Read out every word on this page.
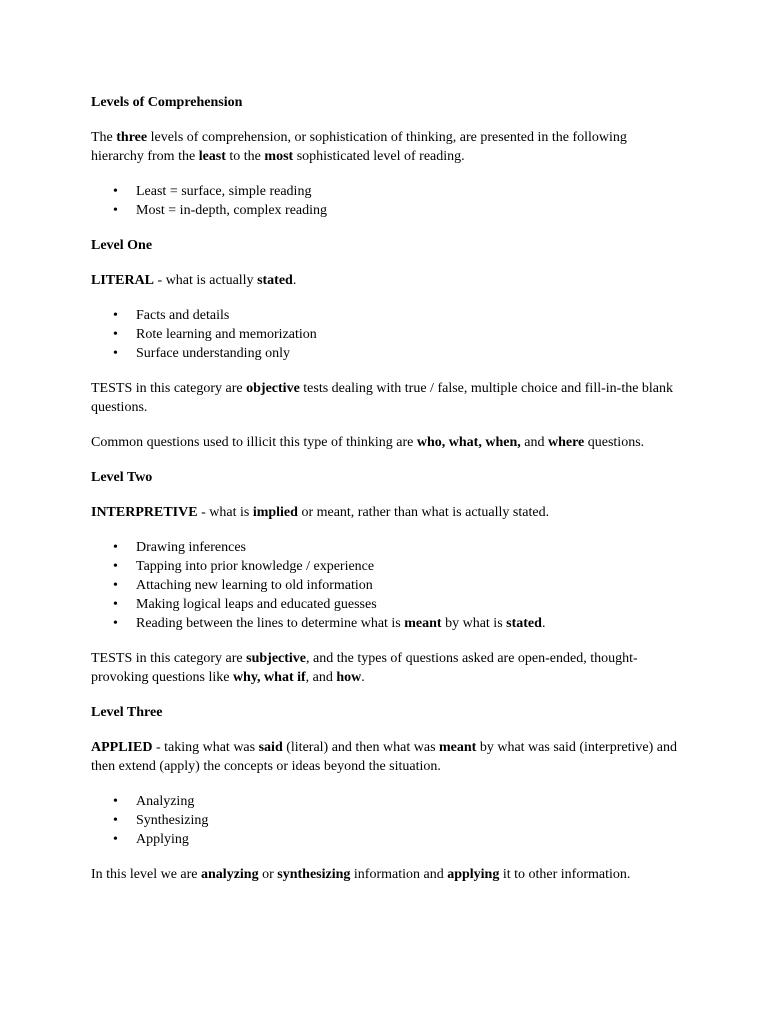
Levels of Comprehension

The three levels of comprehension, or sophistication of thinking, are presented in the following hierarchy from the least to the most sophisticated level of reading.

• Least = surface, simple reading
• Most = in-depth, complex reading

Level One

LITERAL - what is actually stated.

• Facts and details
• Rote learning and memorization
• Surface understanding only

TESTS in this category are objective tests dealing with true / false, multiple choice and fill-in-the blank questions.

Common questions used to illicit this type of thinking are who, what, when, and where questions.

Level Two

INTERPRETIVE - what is implied or meant, rather than what is actually stated.

• Drawing inferences
• Tapping into prior knowledge / experience
• Attaching new learning to old information
• Making logical leaps and educated guesses
• Reading between the lines to determine what is meant by what is stated.

TESTS in this category are subjective, and the types of questions asked are open-ended, thought-provoking questions like why, what if, and how.

Level Three

APPLIED - taking what was said (literal) and then what was meant by what was said (interpretive) and then extend (apply) the concepts or ideas beyond the situation.

• Analyzing
• Synthesizing
• Applying

In this level we are analyzing or synthesizing information and applying it to other information.
